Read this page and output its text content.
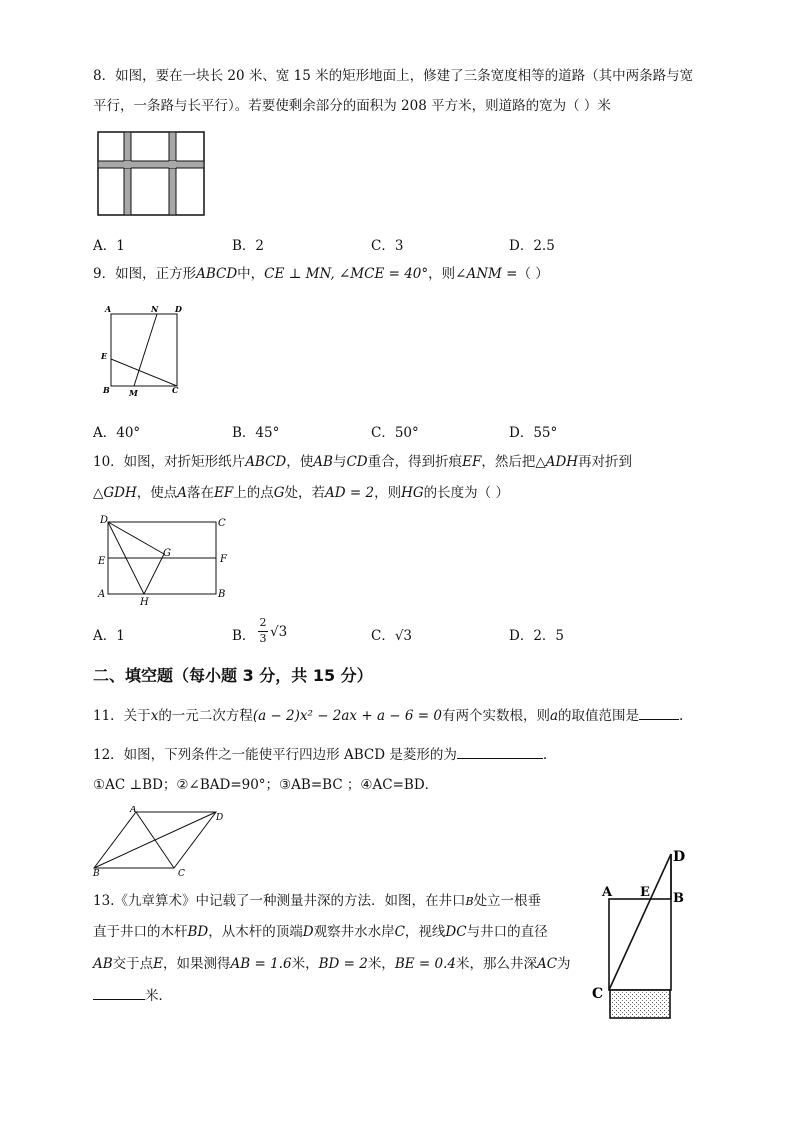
8．如图，要在一块长 20 米、宽 15 米的矩形地面上，修建了三条宽度相等的道路（其中两条路与宽
平行，一条路与长平行）。若要使剩余部分的面积为 208 平方米，则道路的宽为（ ）米
A．1	B．2	C．3	D．2.5
9．如图，正方形ABCD中，CE ⊥ MN, ∠MCE = 40°，则∠ANM =（ ）
A	N D
E
B M	C
A．40°	B．45°	C．50°	D．55°
10．如图，对折矩形纸片ABCD，使AB与CD重合，得到折痕EF，然后把△ADH再对折到
△GDH，使点A落在EF上的点G处，若AD = 2，则HG的长度为（ ）
D	C
E	F
G
A
H
B
A．1	B．
2
3 √3	C．√3	D．2．5
二、填空题（每小题 3 分，共 15 分）
11．关于x的一元二次方程(a − 2)x² − 2ax + a − 6 = 0有两个实数根，则a的取值范围是	.
12．如图，下列条件之一能使平行四边形 ABCD 是菱形的为	.
①AC ⊥BD；②∠BAD=90°；③AB=BC ；④AC=BD．
A
D
B	C
13.《九章算术》中记载了一种测量井深的方法．如图，在井口B处立一根垂
直于井口的木杆BD，从木杆的顶端D观察井水水岸C，视线DC与井口的直径
AB交于点E，如果测得AB = 1.6米，BD = 2米，BE = 0.4米，那么井深AC为
米．
D
A E B
C
